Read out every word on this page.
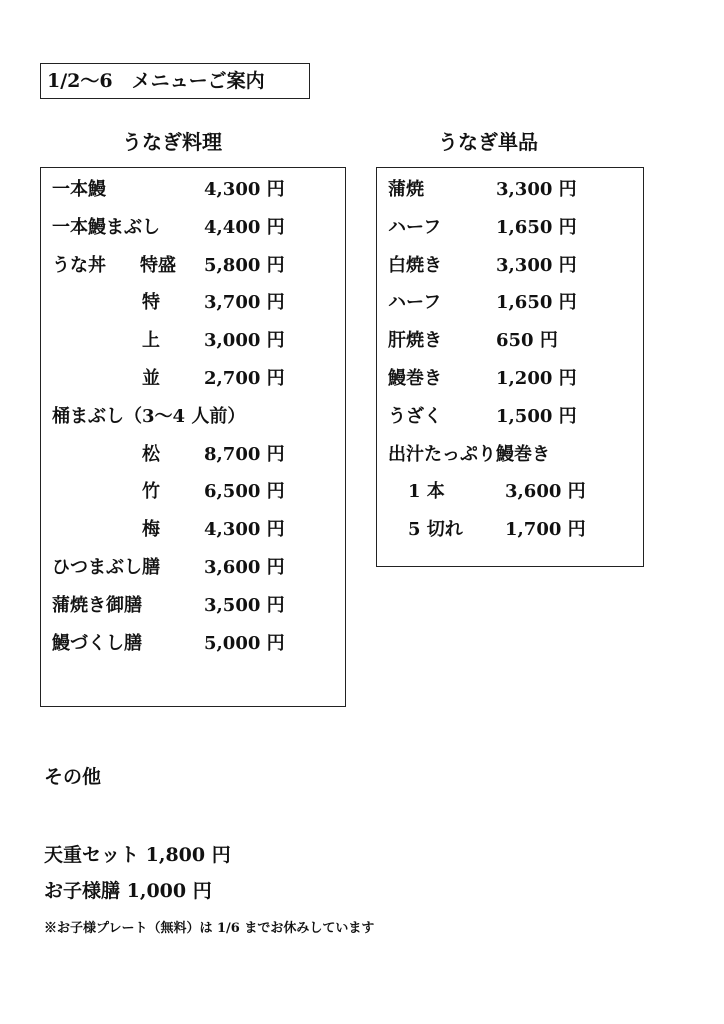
1/2〜6　メニューご案内
うなぎ料理
一本鰻	4,300 円
一本鰻まぶし 4,400 円
うな丼 特盛 5,800 円
特 3,700 円
上 3,000 円
並 2,700 円
桶まぶし（3〜4 人前）
松 8,700 円
竹 6,500 円
梅 4,300 円
ひつまぶし膳 3,600 円
蒲焼き御膳	3,500 円
鰻づくし膳	5,000 円
うなぎ単品
蒲焼	3,300 円
ハーフ	1,650 円
白焼き	3,300 円
ハーフ	1,650 円
肝焼き	650 円
鰻巻き	1,200 円
うざく	1,500 円
出汁たっぷり鰻巻き
1 本	3,600 円
5 切れ 1,700 円
その他
天重セット 1,800 円
お子様膳 1,000 円
※お子様プレート（無料）は 1/6 までお休みしています
